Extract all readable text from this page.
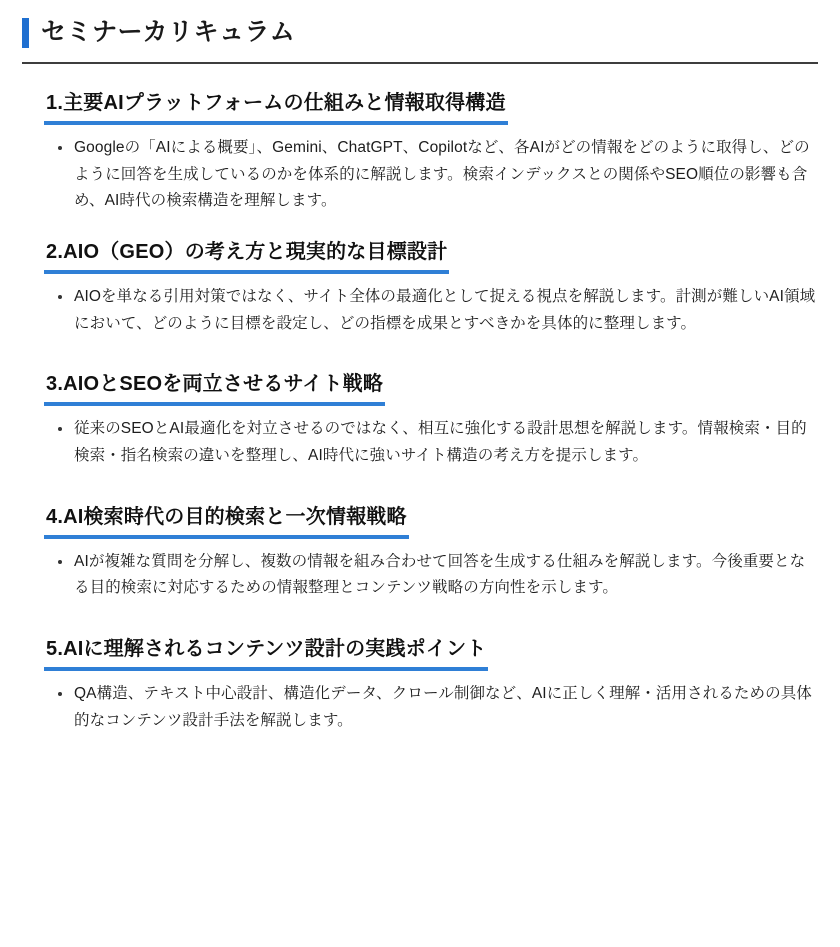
セミナーカリキュラム
1.主要AIプラットフォームの仕組みと情報取得構造
Googleの「AIによる概要」、Gemini、ChatGPT、Copilotなど、各AIがどの情報をどのように取得し、どのように回答を生成しているのかを体系的に解説します。検索インデックスとの関係やSEO順位の影響も含め、AI時代の検索構造を理解します。
2.AIO（GEO）の考え方と現実的な目標設計
AIOを単なる引用対策ではなく、サイト全体の最適化として捉える視点を解説します。計測が難しいAI領域において、どのように目標を設定し、どの指標を成果とすべきかを具体的に整理します。
3.AIOとSEOを両立させるサイト戦略
従来のSEOとAI最適化を対立させるのではなく、相互に強化する設計思想を解説します。情報検索・目的検索・指名検索の違いを整理し、AI時代に強いサイト構造の考え方を提示します。
4.AI検索時代の目的検索と一次情報戦略
AIが複雑な質問を分解し、複数の情報を組み合わせて回答を生成する仕組みを解説します。今後重要となる目的検索に対応するための情報整理とコンテンツ戦略の方向性を示します。
5.AIに理解されるコンテンツ設計の実践ポイント
QA構造、テキスト中心設計、構造化データ、クロール制御など、AIに正しく理解・活用されるための具体的なコンテンツ設計手法を解説します。
